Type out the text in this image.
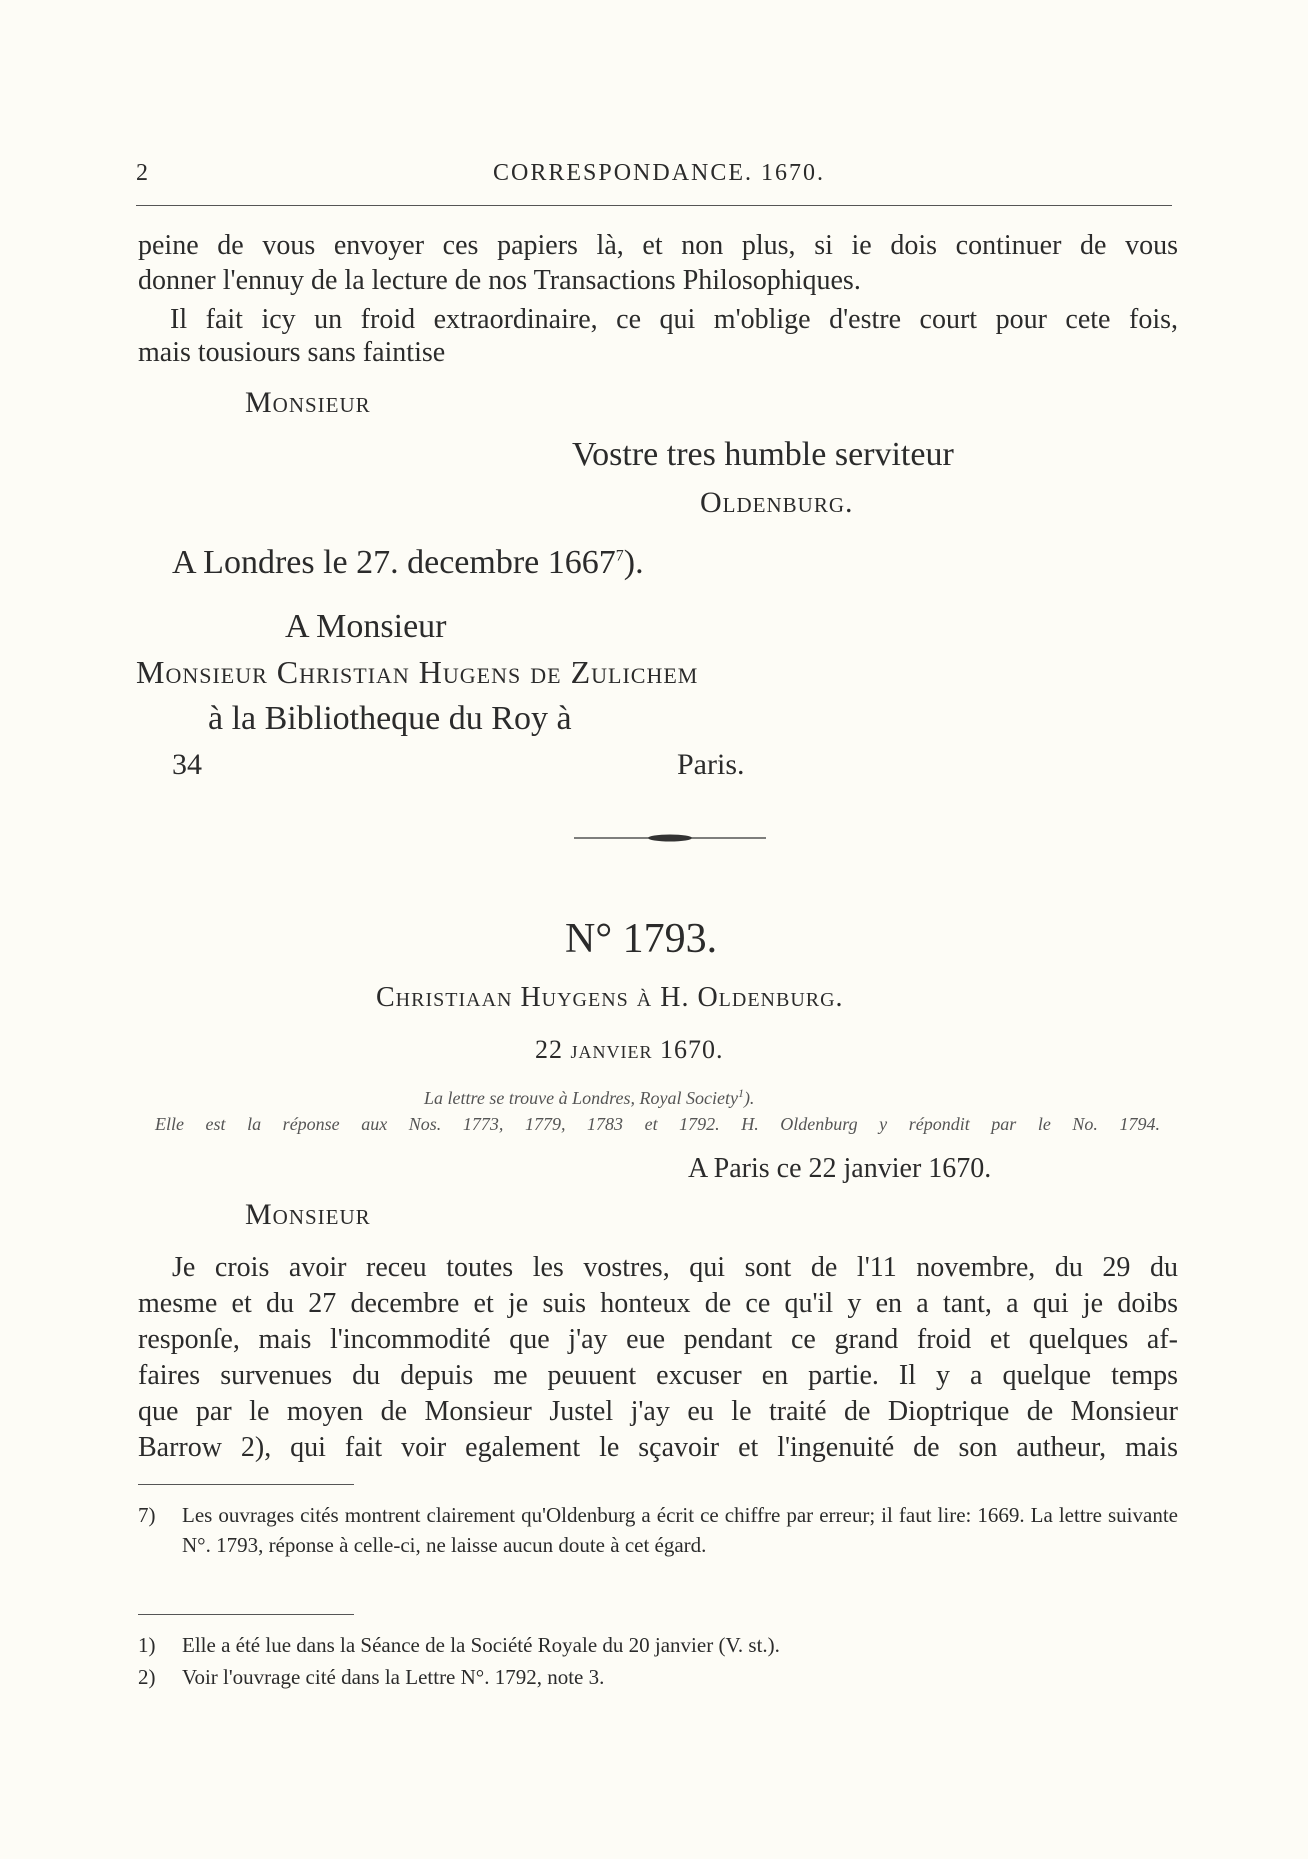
2	CORRESPONDANCE. 1670.
peine de vous envoyer ces papiers là, et non plus, si ie dois continuer de vous
donner l'ennuy de la lecture de nos Transactions Philosophiques.
Il fait icy un froid extraordinaire, ce qui m'oblige d'estre court pour cete fois,
mais tousiours sans faintise
Monsieur
Vostre tres humble serviteur
Oldenburg.
A Londres le 27. decembre 1667$^7$).
A Monsieur
Monsieur Christian Hugens de Zulichem
à la Bibliotheque du Roy à
34	Paris.
N° 1793.
Christiaan Huygens à H. Oldenburg.
22 janvier 1670.
La lettre se trouve à Londres, Royal Society$^1$).
Elle est la réponse aux Nos. 1773, 1779, 1783 et 1792. H. Oldenburg y répondit par le No. 1794.
A Paris ce 22 janvier 1670.
Monsieur
Je crois avoir receu toutes les vostres, qui sont de l'11 novembre, du 29 du
mesme et du 27 decembre et je suis honteux de ce qu'il y en a tant, a qui je doibs
responſe, mais l'incommodité que j'ay eue pendant ce grand froid et quelques af-
faires survenues du depuis me peuuent excuser en partie. Il y a quelque temps
que par le moyen de Monsieur Justel j'ay eu le traité de Dioptrique de Monsieur
Barrow 2), qui fait voir egalement le sçavoir et l'ingenuité de son autheur, mais
7) Les ouvrages cités montrent clairement qu'Oldenburg a écrit ce chiffre par erreur; il faut lire: 1669. La lettre suivante N°. 1793, réponse à celle-ci, ne laisse aucun doute à cet égard.
1) Elle a été lue dans la Séance de la Société Royale du 20 janvier (V. st.).
2) Voir l'ouvrage cité dans la Lettre N°. 1792, note 3.
